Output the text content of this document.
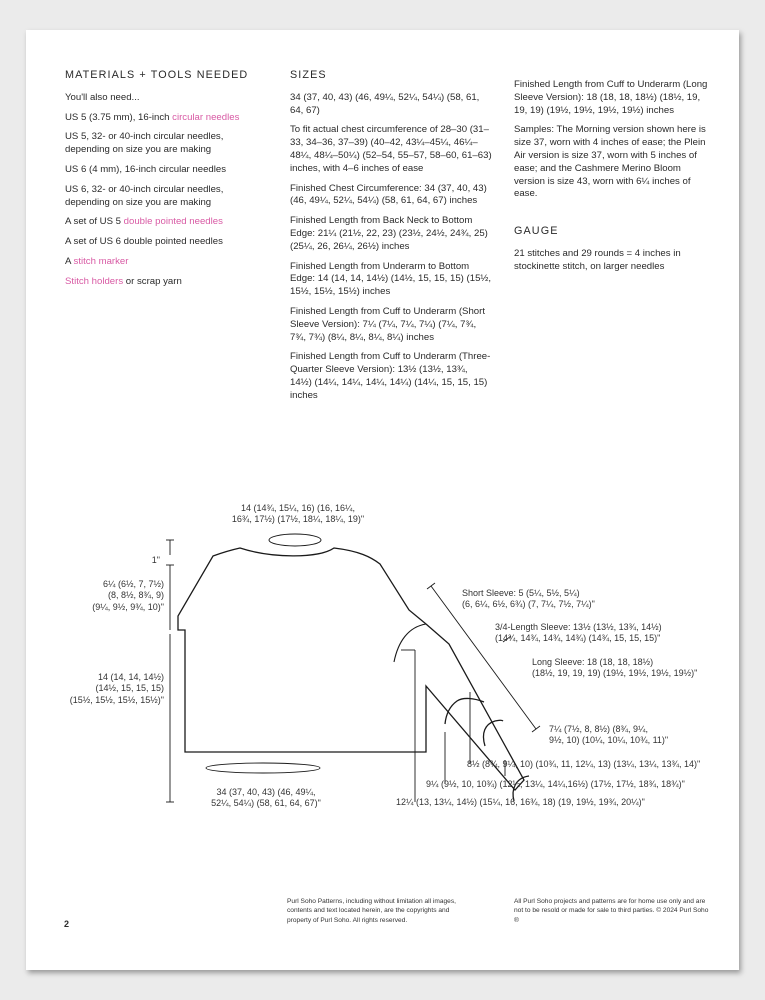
MATERIALS + TOOLS NEEDED

You'll also need...

US 5 (3.75 mm), 16-inch circular needles

US 5, 32- or 40-inch circular needles, depending on size you are making

US 6 (4 mm), 16-inch circular needles

US 6, 32- or 40-inch circular needles, depending on size you are making

A set of US 5 double pointed needles

A set of US 6 double pointed needles

A stitch marker

Stitch holders or scrap yarn

SIZES

34 (37, 40, 43) (46, 49¼, 52¼, 54¼) (58, 61, 64, 67)

To fit actual chest circumference of 28–30 (31–33, 34–36, 37–39) (40–42, 43¼–45¼, 46¼–48¼, 48¼–50¼) (52–54, 55–57, 58–60, 61–63) inches, with 4–6 inches of ease

Finished Chest Circumference: 34 (37, 40, 43) (46, 49¼, 52¼, 54¼) (58, 61, 64, 67) inches

Finished Length from Back Neck to Bottom Edge: 21¼ (21½, 22, 23) (23½, 24½, 24¾, 25) (25¼, 26, 26¼, 26½) inches

Finished Length from Underarm to Bottom Edge: 14 (14, 14, 14½) (14½, 15, 15, 15) (15½, 15½, 15½, 15½) inches

Finished Length from Cuff to Underarm (Short Sleeve Version): 7¼ (7¼, 7¼, 7¼) (7¼, 7¾, 7¾, 7¾) (8¼, 8¼, 8¼, 8¼) inches

Finished Length from Cuff to Underarm (Three-Quarter Sleeve Version): 13½ (13½, 13¾, 14½) (14¼, 14¼, 14¼, 14¼) (14¼, 15, 15, 15) inches

Finished Length from Cuff to Underarm (Long Sleeve Version): 18 (18, 18, 18½) (18½, 19, 19, 19) (19½, 19½, 19½, 19½) inches

Samples: The Morning version shown here is size 37, worn with 4 inches of ease; the Plein Air version is size 37, worn with 5 inches of ease; and the Cashmere Merino Bloom version is size 43, worn with 6¼ inches of ease.

GAUGE

21 stitches and 29 rounds = 4 inches in stockinette stitch, on larger needles

14 (14¾, 15¼, 16) (16, 16¼,
16¾, 17½) (17½, 18¼, 18¼, 19)"
1"
6¼ (6½, 7, 7½)
(8, 8½, 8¾, 9)
(9¼, 9½, 9¾, 10)"
14 (14, 14, 14½)
(14½, 15, 15, 15)
(15½, 15½, 15½, 15½)"
34 (37, 40, 43) (46, 49¼,
52¼, 54¼) (58, 61, 64, 67)"
Short Sleeve: 5 (5¼, 5½, 5¼)
(6, 6¼, 6½, 6¾) (7, 7¼, 7½, 7¼)"
3/4-Length Sleeve: 13½ (13½, 13¾, 14½)
(14¾, 14¾, 14¾, 14¾) (14¾, 15, 15, 15)"
Long Sleeve: 18 (18, 18, 18½)
(18½, 19, 19, 19) (19½, 19½, 19½, 19½)"
7¼ (7½, 8, 8½) (8¾, 9¼,
9½, 10) (10¼, 10¼, 10¾, 11)"
8½ (8¾, 9¼, 10) (10¾, 11, 12¼, 13) (13¼, 13¼, 13¾, 14)"
9¼ (9½, 10, 10¾) (12½, 13¼, 14¼,16½) (17½, 17½, 18¾, 18¾)"
12¼ (13, 13¼, 14½) (15¼, 16, 16¾, 18) (19, 19½, 19¾, 20¼)"
2
Purl Soho Patterns, including without limitation all images, contents and text located herein, are the copyrights and property of Purl Soho. All rights reserved.
All Purl Soho projects and patterns are for home use only and are not to be resold or made for sale to third parties. © 2024 Purl Soho ®
